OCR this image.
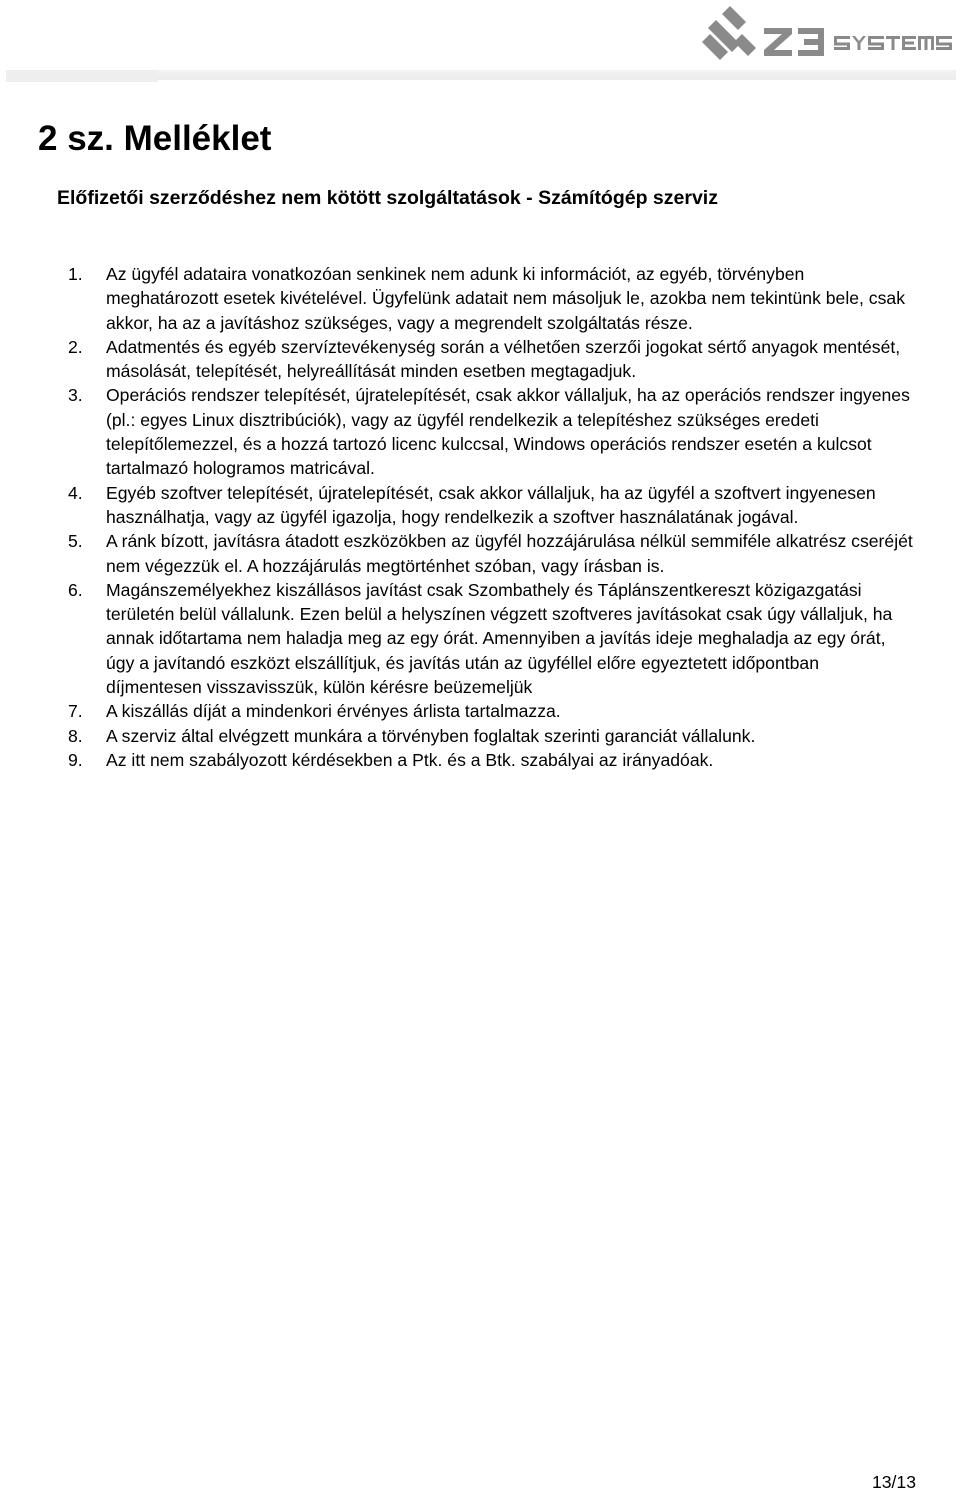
2 sz. Melléklet
Előfizetői szerződéshez nem kötött szolgáltatások - Számítógép szerviz
1. Az ügyfél adataira vonatkozóan senkinek nem adunk ki információt, az egyéb, törvényben meghatározott esetek kivételével. Ügyfelünk adatait nem másoljuk le, azokba nem tekintünk bele, csak akkor, ha az a javításhoz szükséges, vagy a megrendelt szolgáltatás része.
2. Adatmentés és egyéb szervíztevékenység során a vélhetően szerzői jogokat sértő anyagok mentését, másolását, telepítését, helyreállítását minden esetben megtagadjuk.
3. Operációs rendszer telepítését, újratelepítését, csak akkor vállaljuk, ha az operációs rendszer ingyenes (pl.: egyes Linux disztribúciók), vagy az ügyfél rendelkezik a telepítéshez szükséges eredeti telepítőlemezzel, és a hozzá tartozó licenc kulccsal, Windows operációs rendszer esetén a kulcsot tartalmazó hologramos matricával.
4. Egyéb szoftver telepítését, újratelepítését, csak akkor vállaljuk, ha az ügyfél a szoftvert ingyenesen használhatja, vagy az ügyfél igazolja, hogy rendelkezik a szoftver használatának jogával.
5. A ránk bízott, javításra átadott eszközökben az ügyfél hozzájárulása nélkül semmiféle alkatrész cseréjét nem végezzük el. A hozzájárulás megtörténhet szóban, vagy írásban is.
6. Magánszemélyekhez kiszállásos javítást csak Szombathely és Táplánszentkereszt közigazgatási területén belül vállalunk. Ezen belül a helyszínen végzett szoftveres javításokat csak úgy vállaljuk, ha annak időtartama nem haladja meg az egy órát. Amennyiben a javítás ideje meghaladja az egy órát, úgy a javítandó eszközt elszállítjuk, és javítás után az ügyféllel előre egyeztetett időpontban díjmentesen visszavisszük, külön kérésre beüzemeljük
7. A kiszállás díját a mindenkori érvényes árlista tartalmazza.
8. A szerviz által elvégzett munkára a törvényben foglaltak szerinti garanciát vállalunk.
9. Az itt nem szabályozott kérdésekben a Ptk. és a Btk. szabályai az irányadóak.
13/13
